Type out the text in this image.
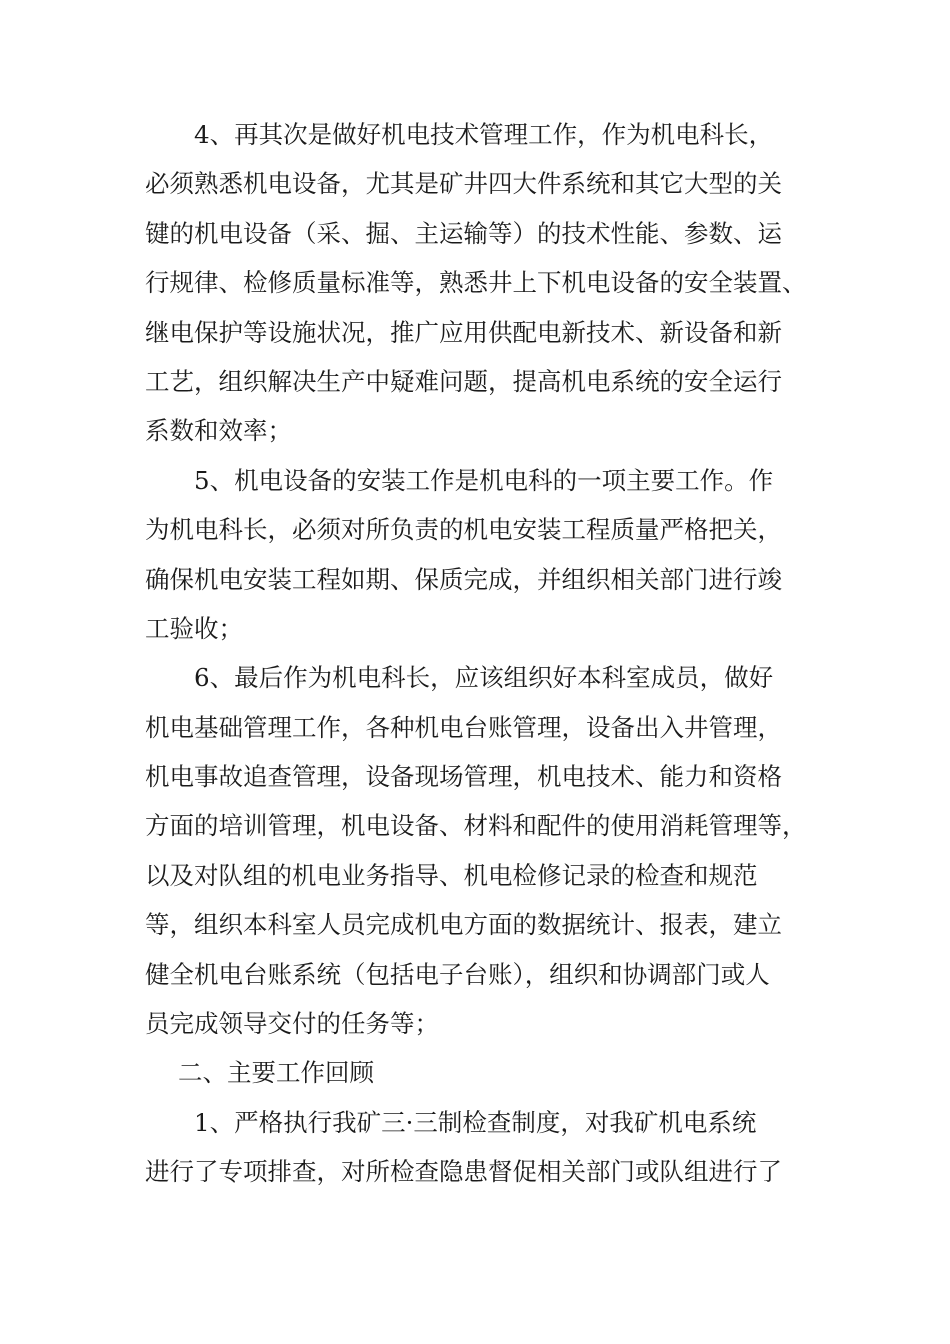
4、再其次是做好机电技术管理工作，作为机电科长，
必须熟悉机电设备，尤其是矿井四大件系统和其它大型的关
键的机电设备（采、掘、主运输等）的技术性能、参数、运
行规律、检修质量标准等，熟悉井上下机电设备的安全装置、
继电保护等设施状况，推广应用供配电新技术、新设备和新
工艺，组织解决生产中疑难问题，提高机电系统的安全运行
系数和效率；
5、机电设备的安装工作是机电科的一项主要工作。作
为机电科长，必须对所负责的机电安装工程质量严格把关，
确保机电安装工程如期、保质完成，并组织相关部门进行竣
工验收；
6、最后作为机电科长，应该组织好本科室成员，做好
机电基础管理工作，各种机电台账管理，设备出入井管理，
机电事故追查管理，设备现场管理，机电技术、能力和资格
方面的培训管理，机电设备、材料和配件的使用消耗管理等，
以及对队组的机电业务指导、机电检修记录的检查和规范
等，组织本科室人员完成机电方面的数据统计、报表，建立
健全机电台账系统（包括电子台账），组织和协调部门或人
员完成领导交付的任务等；
二、主要工作回顾
1、严格执行我矿三·三制检查制度，对我矿机电系统
进行了专项排查，对所检查隐患督促相关部门或队组进行了
